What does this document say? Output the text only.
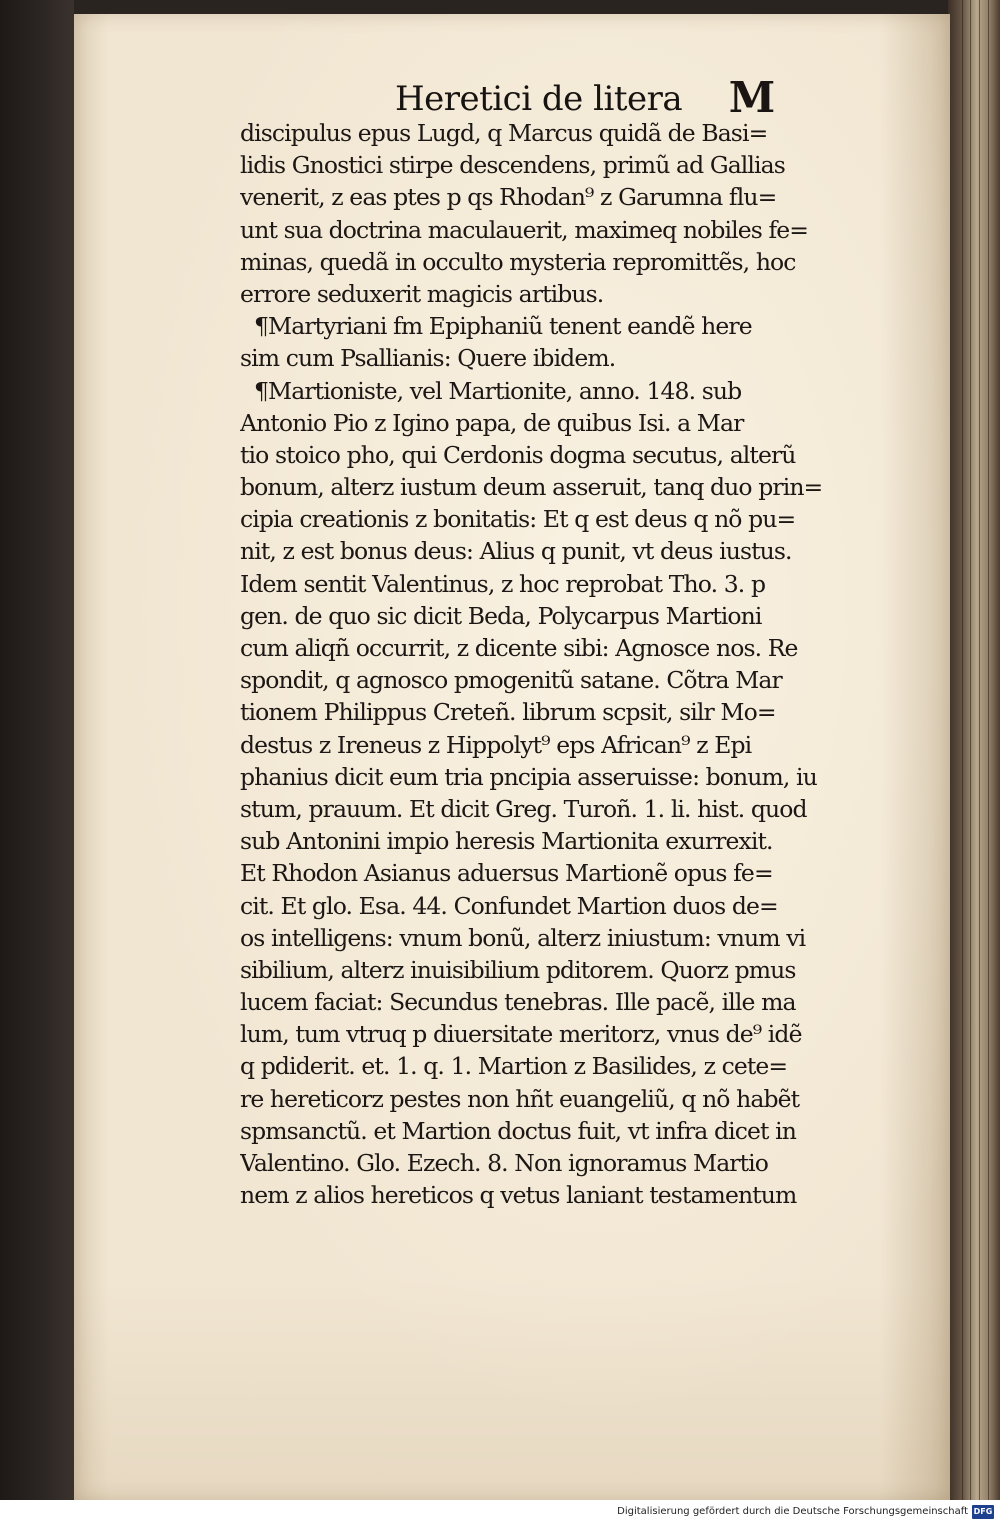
Heretici de litera	M
discipulus epus Lugd, q Marcus quidã de Basi=
lidis Gnostici stirpe descendens, primũ ad Gallias
venerit, z eas ptes p qs Rhodan⁹ z Garumna flu=
unt sua doctrina maculauerit, maximeq nobiles fe=
minas, quedã in occulto mysteria repromittẽs, hoc
errore seduxerit magicis artibus.
¶Martyriani fm Epiphaniũ tenent eandẽ here
sim cum Psallianis: Quere ibidem.
¶Martioniste, vel Martionite, anno. 148. sub
Antonio Pio z Igino papa, de quibus Isi. a Mar
tio stoico pho, qui Cerdonis dogma secutus, alterũ
bonum, alterz iustum deum asseruit, tanq duo prin=
cipia creationis z bonitatis: Et q est deus q nõ pu=
nit, z est bonus deus: Alius q punit, vt deus iustus.
Idem sentit Valentinus, z hoc reprobat Tho. 3. p
gen. de quo sic dicit Beda, Polycarpus Martioni
cum aliqñ occurrit, z dicente sibi: Agnosce nos. Re
spondit, q agnosco pmogenitũ satane. Cõtra Mar
tionem Philippus Creteñ. librum scpsit, silr Mo=
destus z Ireneus z Hippolyt⁹ eps African⁹ z Epi
phanius dicit eum tria pncipia asseruisse: bonum, iu
stum, prauum. Et dicit Greg. Turoñ. 1. li. hist. quod
sub Antonini impio heresis Martionita exurrexit.
Et Rhodon Asianus aduersus Martionẽ opus fe=
cit. Et glo. Esa. 44. Confundet Martion duos de=
os intelligens: vnum bonũ, alterz iniustum: vnum vi
sibilium, alterz inuisibilium pditorem. Quorz pmus
lucem faciat: Secundus tenebras. Ille pacẽ, ille ma
lum, tum vtruq p diuersitate meritorz, vnus de⁹ idẽ
q pdiderit. et. 1. q. 1. Martion z Basilides, z cete=
re hereticorz pestes non hñt euangeliũ, q nõ habẽt
spmsanctũ. et Martion doctus fuit, vt infra dicet in
Valentino. Glo. Ezech. 8. Non ignoramus Martio
nem z alios hereticos q vetus laniant testamentum
Digitalisierung gefördert durch die Deutsche Forschungsgemeinschaft DFG
